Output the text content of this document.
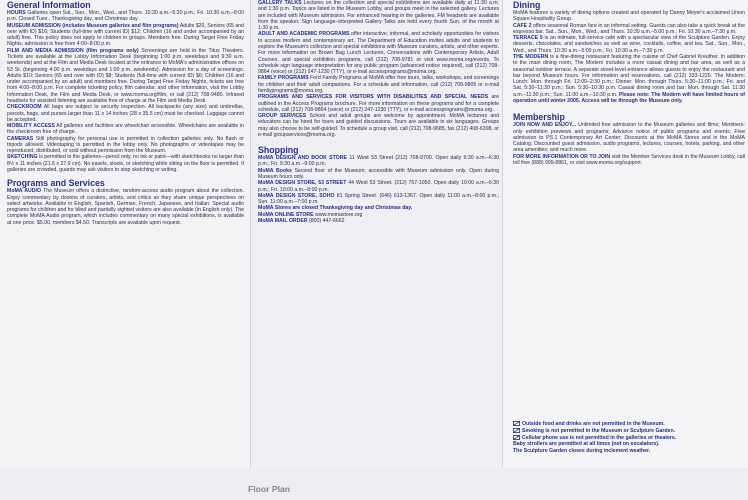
General Information

HOURS Galleries open Sat., Sun., Mon., Wed., and Thurs. 10:30 a.m.–5:30 p.m.; Fri. 10:30 a.m.–8:00 p.m. Closed Tues., Thanksgiving day, and Christmas day.

MUSEUM ADMISSION (includes Museum galleries and film programs) Adults $20, Seniors (65 and over with ID) $16; Students (full-time with current ID) $12; Children (16 and under accompanied by an adult) free. This policy does not apply to children in groups. Members free. During Target Free Friday Nights, admission is free from 4:00–8:00 p.m.

FILM AND MEDIA ADMISSION (film programs only) Screenings are held in the Titus Theaters. Tickets are available at the Lobby Information Desk (beginning 1:00 p.m. weekdays and 9:30 a.m. weekends) and at the Film and Media Desk located at the entrance to MoMA's administrative offices on 53 St. (beginning 4:00 p.m. weekdays and 1:00 p.m. weekends). Admission for a day of screenings: Adults $10; Seniors (65 and over with ID) $8; Students (full-time with current ID) $6; Children (16 and under accompanied by an adult) and members free. During Target Free Friday Nights, tickets are free from 4:00–8:00 p.m. For complete ticketing policy, film calendar, and other information, visit the Lobby Information Desk, the Film and Media Desk, or www.moma.org/film, or call (212) 708-9480. Infrared headsets for assisted listening are available free of charge at the Film and Media Desk.

CHECKROOM All bags are subject to security inspection. All backpacks (any size) and umbrellas, parcels, bags, and purses larger than 11 x 14 inches (28 x 35.5 cm) must be checked. Luggage cannot be accepted.

MOBILITY ACCESS All galleries and facilities are wheelchair accessible. Wheelchairs are available in the checkroom free of charge.

CAMERAS Still photography for personal use is permitted in collection galleries only. No flash or tripods allowed. Videotaping is permitted in the lobby only. No photographs or videotapes may be reproduced, distributed, or sold without permission from the Museum.

SKETCHING is permitted in the galleries—pencil only, no ink or paint—with sketchbooks no larger than 8½ x 11 inches (21.6 x 27.9 cm). No easels, stools, or sketching while sitting on the floor is permitted. If galleries are crowded, guards may ask visitors to stop sketching or writing.

Programs and Services

MoMA AUDIO The Museum offers a distinctive, random-access audio program about the collection. Enjoy commentary by dozens of curators, artists, and critics as they share unique perspectives on select artworks. Available in English, Spanish, German, French, Japanese, and Italian. Special audio programs for children and for blind and partially sighted visitors are also available (in English only). The complete MoMA Audio program, which includes commentary on many special exhibitions, is available at one price. $5.00, members $4.50. Transcripts are available upon request.

GALLERY TALKS Lectures on the collection and special exhibitions are available daily at 11:30 a.m. and 1:30 p.m. Topics are listed in the Museum Lobby, and groups meet in the selected gallery. Lectures are included with Museum admission. For enhanced hearing in the galleries, FM headsets are available from the speaker. Sign language–interpreted Gallery Talks are held every fourth Sun. of the month at 1:30 p.m.

ADULT AND ACADEMIC PROGRAMS offer interactive, informal, and scholarly opportunities for visitors to access modern and contemporary art. The Department of Education invites adults and students to explore the Museum's collection and special exhibitions with Museum curators, artists, and other experts. For more information on Brown Bag Lunch Lectures, Conversations with Contemporary Artists, Adult Courses, and special exhibition programs, call (212) 708-9781 or visit www.moma.org/events. To schedule sign language interpretation for any public program (advanced notice required), call (212) 708-9864 (voice) or (212) 247-1230 (TTY), or e-mail accessprograms@moma.org.

FAMILY PROGRAMS Ford Family Programs at MoMA offer free tours, talks, workshops, and screenings for children and their adult companions. For a schedule and information, call (212) 708-9805 or e-mail familyprograms@moma.org.

PROGRAMS AND SERVICES FOR VISITORS WITH DISABILITIES AND SPECIAL NEEDS are outlined in the Access Programs brochure. For more information on these programs and for a complete schedule, call (212) 708-9864 (voice) or (212) 247-1230 (TTY), or e-mail accessprograms@moma.org.

GROUP SERVICES School and adult groups are welcome by appointment. MoMA lecturers and educators can be hired for tours and guided discussions. Tours are available in six languages. Groups may also choose to be self-guided. To schedule a group visit, call (212) 708-9685, fax (212) 408-6398, or e-mail groupservices@moma.org.

Shopping

MoMA DESIGN AND BOOK STORE 11 West 53 Street (212) 708-9700. Open daily 9:30 a.m.–6:30 p.m.; Fri. 9:30 a.m.–9:00 p.m.

MoMA Books Second floor of the Museum; accessible with Museum admission only. Open during Museum hours only.

MoMA DESIGN STORE, 53 STREET 44 West 53 Street. (212) 767-1050. Open daily 10:00 a.m.–6:30 p.m.; Fri. 10:00 a.m.–8:00 p.m.

MoMA DESIGN STORE, SOHO 81 Spring Street. (646) 613-1367. Open daily 11:00 a.m.–8:00 p.m.; Sun. 11:00 a.m.–7:00 p.m.

MoMA Stores are closed Thanksgiving day and Christmas day.

MoMA ONLINE STORE www.momastore.org

MoMA MAIL ORDER (800) 447-6662

Dining

MoMA features a variety of dining options created and operated by Danny Meyer's acclaimed Union Square Hospitality Group.

CAFE 2 offers seasonal Roman fare in an informal setting. Guests can also take a quick break at the espresso bar. Sat., Sun., Mon., Wed., and Thurs. 10:30 a.m.–5:00 p.m.; Fri. 10:30 a.m.–7:30 p.m.

TERRACE 5 is an intimate, full-service café with a spectacular view of the Sculpture Garden. Enjoy desserts, chocolates, and sandwiches as well as wine, cocktails, coffee, and tea. Sat., Sun., Mon., Wed., and Thurs. 10:30 a.m.–5:00 p.m.; Fri. 10:30 a.m.–7:30 p.m.

THE MODERN is a fine-dining restaurant featuring the cuisine of Chef Gabriel Kreuther. In addition to the main dining room, The Modern includes a more casual dining and bar area, as well as a seasonal outdoor terrace. A separate street-level entrance allows guests to enjoy the restaurant and bar beyond Museum hours. For information and reservations, call (212) 333-1220. The Modern: Lunch: Mon. through Fri. 12:00–2:30 p.m.; Dinner: Mon. through Thurs. 5:30–11:00 p.m.; Fri. and Sat. 5:30–11:30 p.m.; Sun. 5:30–10:30 p.m. Casual dining room and bar: Mon. through Sat. 11:30 a.m.–11:30 p.m.; Sun. 11:00 a.m.–10:30 p.m. Please note: The Modern will have limited hours of operation until winter 2005. Access will be through the Museum only.

Membership

JOIN NOW AND ENJOY... Unlimited free admission to the Museum galleries and films; Members-only exhibition previews and programs; Advance notice of public programs and events; Free admission to PS.1 Contemporary Art Center; Discounts at the MoMA Stores and in the MoMA Catalog; Discounted guest admission, audio programs, lectures, courses, hotels, parking, and other area amenities; and much more.

FOR MORE INFORMATION OR TO JOIN visit the Member Services desk in the Museum Lobby, call toll free (888) 999-8861, or visit www.moma.org/support.

Outside food and drinks are not permitted in the Museum.
Smoking is not permitted in the Museum or Sculpture Garden.
Cellular phone use is not permitted in the galleries or theaters.
Baby strollers are permitted at all times (not on escalators).
The Sculpture Garden closes during inclement weather.
Floor Plan
